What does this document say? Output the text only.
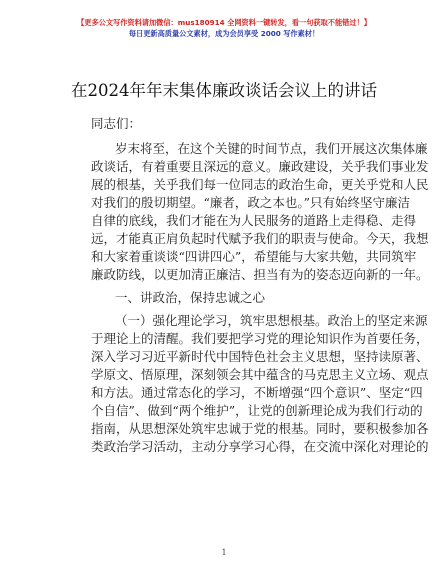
【更多公文写作资料请加微信：mus180914 全网资料一键转发，看一句获取不能错过！】
每日更新高质量公文素材，成为会员享受 2000 写作素材！
在2024年年末集体廉政谈话会议上的讲话
同志们：
岁末将至，在这个关键的时间节点，我们开展这次集体廉
政谈话，有着重要且深远的意义。廉政建设，关乎我们事业发
展的根基，关乎我们每一位同志的政治生命，更关乎党和人民
对我们的殷切期望。“廉者，政之本也。”只有始终坚守廉洁
自律的底线，我们才能在为人民服务的道路上走得稳、走得
远，才能真正肩负起时代赋予我们的职责与使命。今天，我想
和大家着重谈谈“四讲四心”，希望能与大家共勉，共同筑牢
廉政防线，以更加清正廉洁、担当有为的姿态迈向新的一年。
一、讲政治，保持忠诚之心
（一）强化理论学习，筑牢思想根基。政治上的坚定来源
于理论上的清醒。我们要把学习党的理论知识作为首要任务，
深入学习习近平新时代中国特色社会主义思想，坚持读原著、
学原文、悟原理，深刻领会其中蕴含的马克思主义立场、观点
和方法。通过常态化的学习，不断增强“四个意识”、坚定“四
个自信”、做到“两个维护”，让党的创新理论成为我们行动的
指南，从思想深处筑牢忠诚于党的根基。同时，要积极参加各
类政治学习活动，主动分享学习心得，在交流中深化对理论的
1
